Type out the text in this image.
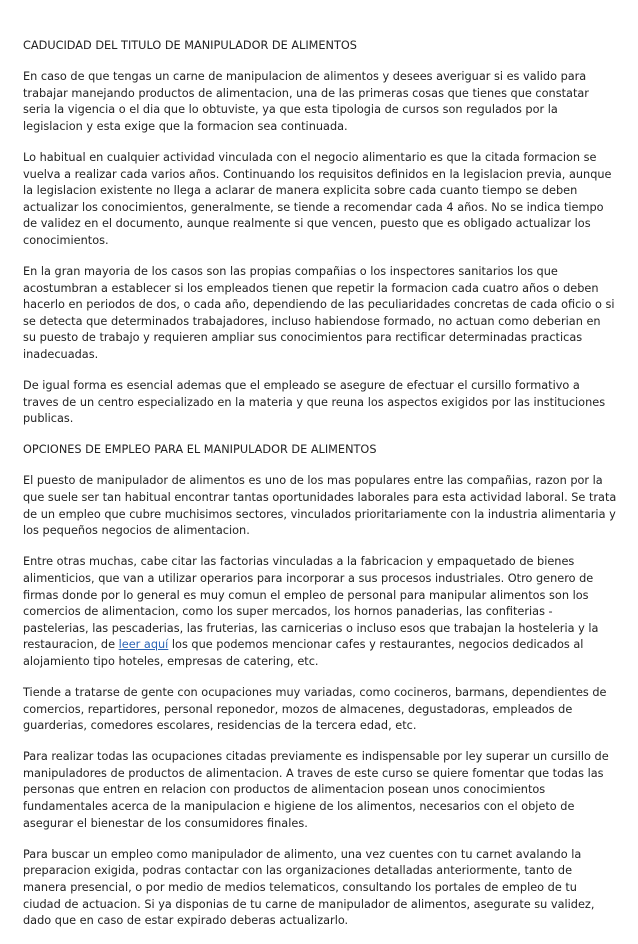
CADUCIDAD DEL TITULO DE MANIPULADOR DE ALIMENTOS

En caso de que tengas un carne de manipulacion de alimentos y desees averiguar si es valido para trabajar manejando productos de alimentacion, una de las primeras cosas que tienes que constatar seria la vigencia o el dia que lo obtuviste, ya que esta tipologia de cursos son regulados por la legislacion y esta exige que la formacion sea continuada.

Lo habitual en cualquier actividad vinculada con el negocio alimentario es que la citada formacion se vuelva a realizar cada varios años. Continuando los requisitos definidos en la legislacion previa, aunque la legislacion existente no llega a aclarar de manera explicita sobre cada cuanto tiempo se deben actualizar los conocimientos, generalmente, se tiende a recomendar cada 4 años. No se indica tiempo de validez en el documento, aunque realmente si que vencen, puesto que es obligado actualizar los conocimientos.

En la gran mayoria de los casos son las propias compañias o los inspectores sanitarios los que acostumbran a establecer si los empleados tienen que repetir la formacion cada cuatro años o deben hacerlo en periodos de dos, o cada año, dependiendo de las peculiaridades concretas de cada oficio o si se detecta que determinados trabajadores, incluso habiendose formado, no actuan como deberian en su puesto de trabajo y requieren ampliar sus conocimientos para rectificar determinadas practicas inadecuadas.

De igual forma es esencial ademas que el empleado se asegure de efectuar el cursillo formativo a traves de un centro especializado en la materia y que reuna los aspectos exigidos por las instituciones publicas.

OPCIONES DE EMPLEO PARA EL MANIPULADOR DE ALIMENTOS

El puesto de manipulador de alimentos es uno de los mas populares entre las compañias, razon por la que suele ser tan habitual encontrar tantas oportunidades laborales para esta actividad laboral. Se trata de un empleo que cubre muchisimos sectores, vinculados prioritariamente con la industria alimentaria y los pequeños negocios de alimentacion.

Entre otras muchas, cabe citar las factorias vinculadas a la fabricacion y empaquetado de bienes alimenticios, que van a utilizar operarios para incorporar a sus procesos industriales. Otro genero de firmas donde por lo general es muy comun el empleo de personal para manipular alimentos son los comercios de alimentacion, como los super mercados, los hornos panaderias, las confiterias - pastelerias, las pescaderias, las fruterias, las carnicerias o incluso esos que trabajan la hosteleria y la restauracion, de leer aquí los que podemos mencionar cafes y restaurantes, negocios dedicados al alojamiento tipo hoteles, empresas de catering, etc.

Tiende a tratarse de gente con ocupaciones muy variadas, como cocineros, barmans, dependientes de comercios, repartidores, personal reponedor, mozos de almacenes, degustadoras, empleados de guarderias, comedores escolares, residencias de la tercera edad, etc.

Para realizar todas las ocupaciones citadas previamente es indispensable por ley superar un cursillo de manipuladores de productos de alimentacion. A traves de este curso se quiere fomentar que todas las personas que entren en relacion con productos de alimentacion posean unos conocimientos fundamentales acerca de la manipulacion e higiene de los alimentos, necesarios con el objeto de asegurar el bienestar de los consumidores finales.

Para buscar un empleo como manipulador de alimento, una vez cuentes con tu carnet avalando la preparacion exigida, podras contactar con las organizaciones detalladas anteriormente, tanto de manera presencial, o por medio de medios telematicos, consultando los portales de empleo de tu ciudad de actuacion. Si ya disponias de tu carne de manipulador de alimentos, asegurate su validez, dado que en caso de estar expirado deberas actualizarlo.
